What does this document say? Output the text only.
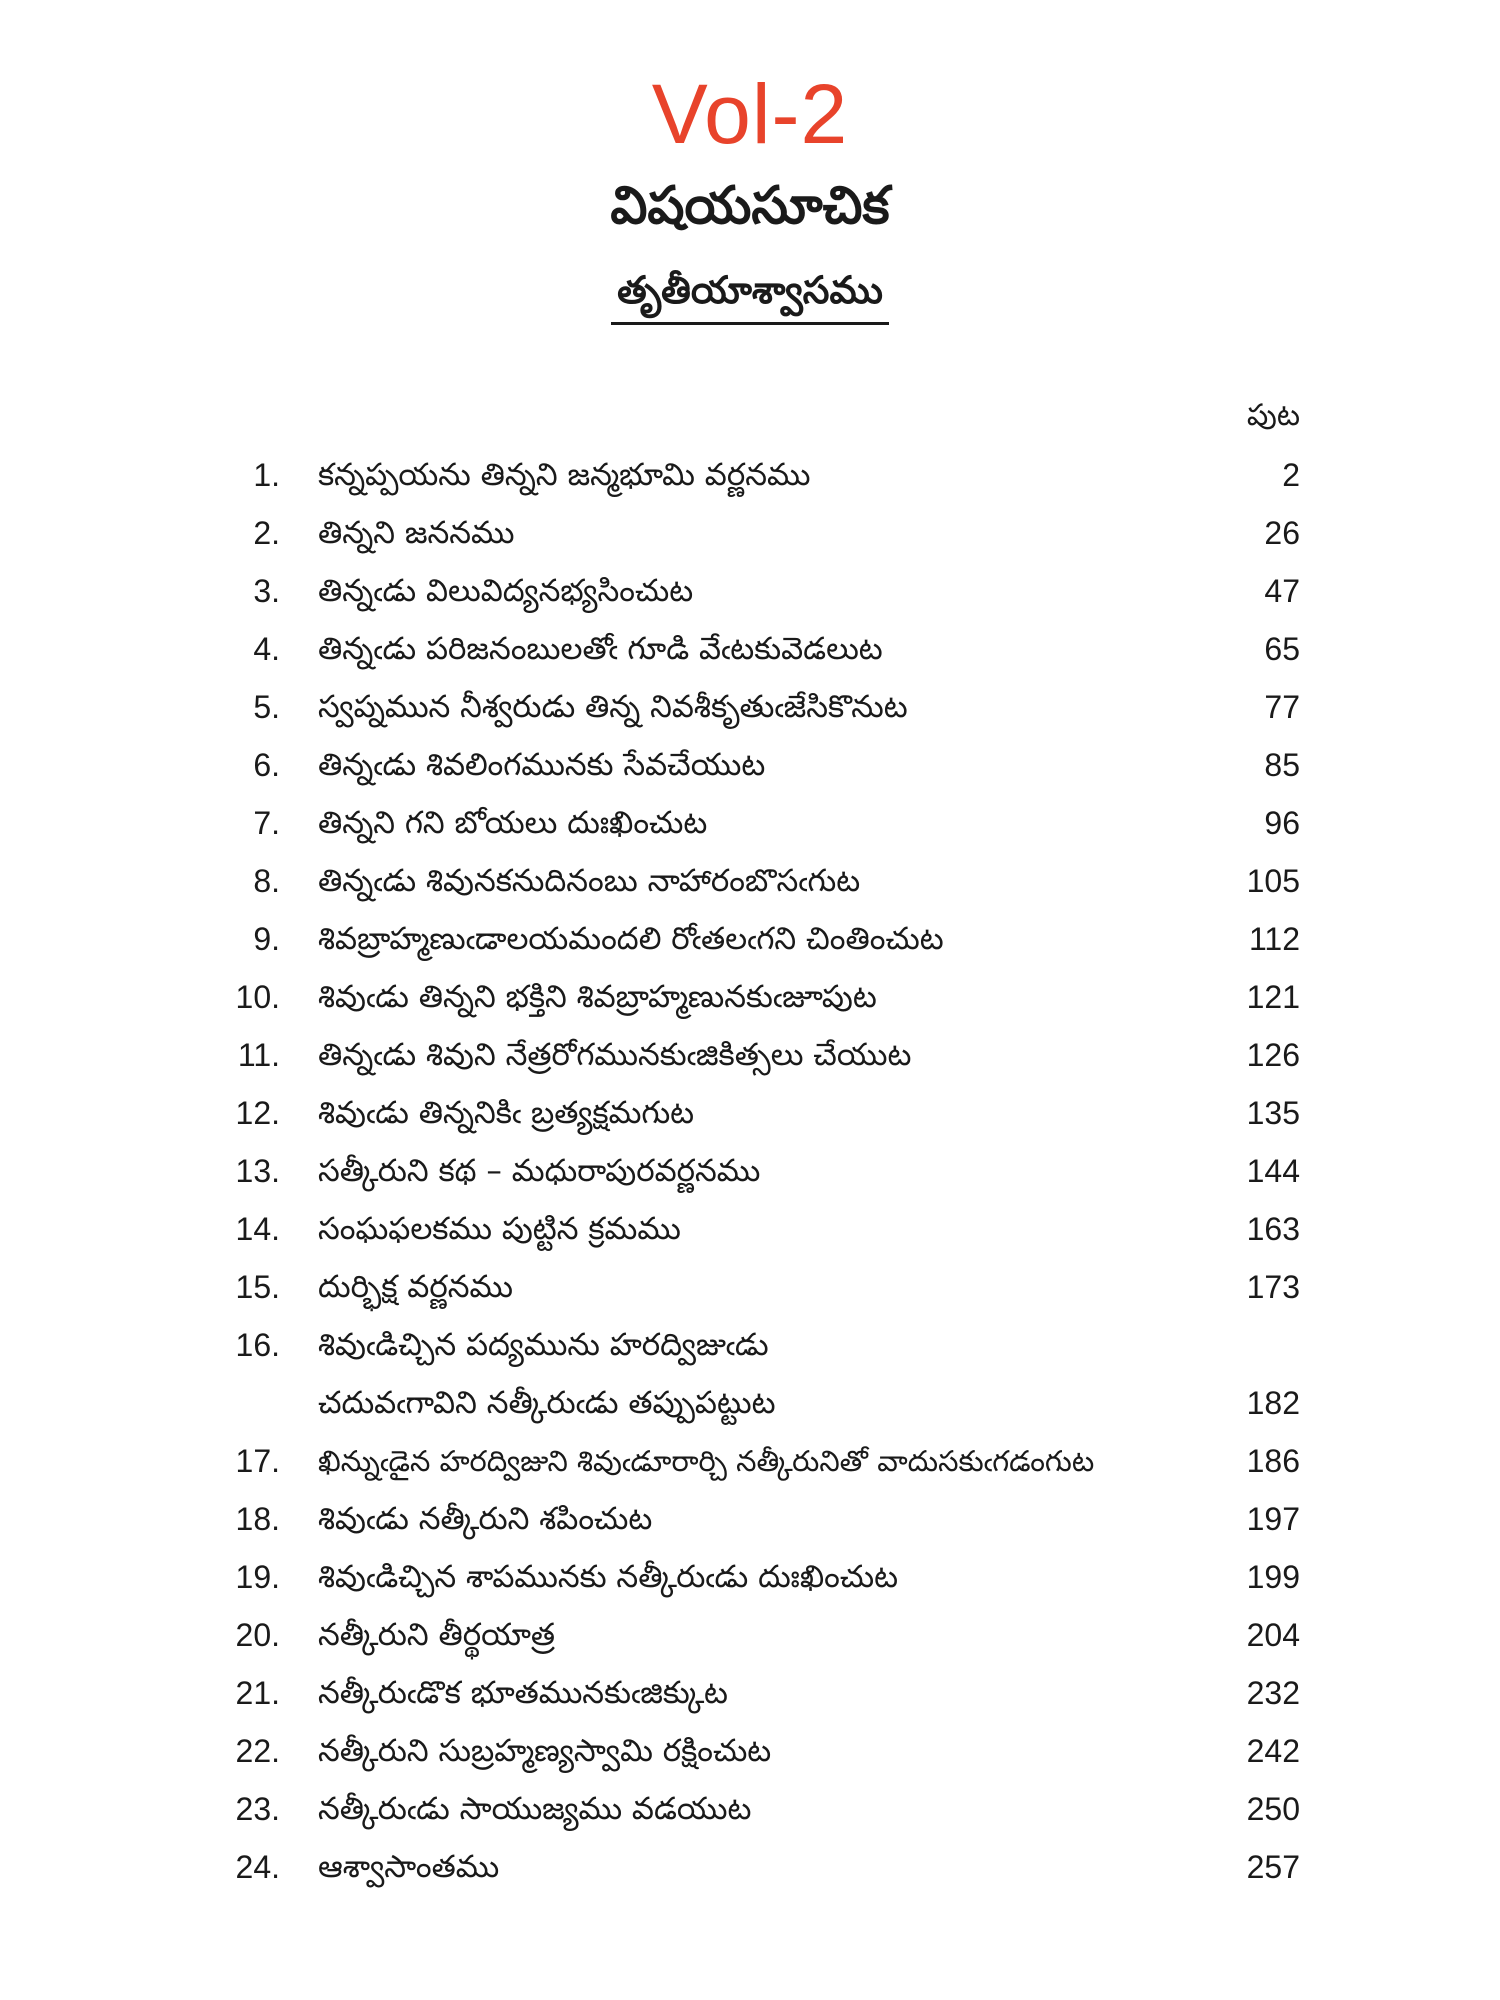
Vol-2
విషయసూచిక
తృతీయాశ్వాసము
పుట
1. కన్నప్పయను తిన్నని జన్మభూమి వర్ణనము	2
2. తిన్నని జననము	26
3. తిన్నఁడు విలువిద్యనభ్యసించుట	47
4. తిన్నఁడు పరిజనంబులతోఁ గూడి వేఁటకువెడలుట	65
5. స్వప్నమున నీశ్వరుడు తిన్న నివశీకృతుఁజేసికొనుట	77
6. తిన్నఁడు శివలింగమునకు సేవచేయుట	85
7. తిన్నని గని బోయలు దుఃఖించుట	96
8. తిన్నఁడు శివునకనుదినంబు నాహారంబొసఁగుట	105
9. శివబ్రాహ్మణుఁడాలయమందలి రోఁతలఁగని చింతించుట	112
10. శివుఁడు తిన్నని భక్తిని శివబ్రాహ్మణునకుఁజూపుట	121
11. తిన్నఁడు శివుని నేత్రరోగమునకుఁజికిత్సలు చేయుట	126
12. శివుఁడు తిన్ననికిఁ బ్రత్యక్షమగుట	135
13. సత్కీరుని కథ – మధురాపురవర్ణనము	144
14. సంఘఫలకము పుట్టిన క్రమము	163
15. దుర్భిక్ష వర్ణనము	173
16. శివుఁడిచ్చిన పద్యమును హరద్విజుఁడు
చదువఁగావిని నత్కీరుఁడు తప్పుపట్టుట	182
17. ఖిన్నుఁడైన హరద్విజుని శివుఁడూరార్చి నత్కీరునితో వాదుసకుఁగడంగుట	186
18. శివుఁడు నత్కీరుని శపించుట	197
19. శివుఁడిచ్చిన శాపమునకు నత్కీరుఁడు దుఃఖించుట	199
20. నత్కీరుని తీర్థయాత్ర	204
21. నత్కీరుఁడొక భూతమునకుఁజిక్కుట	232
22. నత్కీరుని సుబ్రహ్మణ్యస్వామి రక్షించుట	242
23. నత్కీరుఁడు సాయుజ్యము వడయుట	250
24. ఆశ్వాసాంతము	257
